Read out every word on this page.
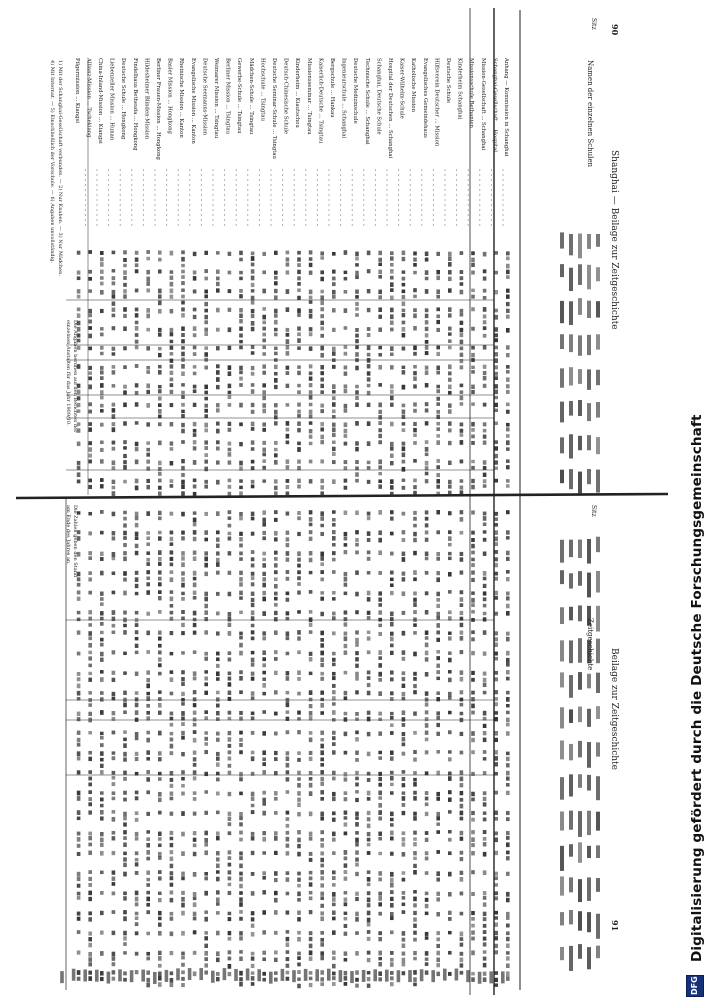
90
Shanghai — Beilage zur Zeitgeschichte
Beilage zur Zeitgeschichte
91
Sitz
Namen der einzelnen Schulen
Sitz
Zeitgeschichte
Anhang — Kommission in Schanghai
Schanghai-Gesellschaft ... Hospital
Mission-Gesellschaft ... Schanghai
Missionsschule Bethanien
Kinderheim Schanghai
Deutsche Schule
Hilfsverein Deutscher ... Mission
Evangelisches Gemeindehaus
Katholische Mission
Kaiser-Wilhelm-Schule
Hospital der Deutschen ... Schanghai
Schanghai, Deutsche Schule
Technische Schule ... Schanghai
Deutsche Medizinschule
Ingenieurschule ... Schanghai
Bergschule ... Hankau
Kaiserlich-Deutsche ... Tsingtau
Missionsseminar ... Tsingtau
Kinderheim ... Kiautschou
Deutsch-Chinesische Schule
Deutsche Seminar-Schule ... Tsingtau
Hochschule ... Tsingtau
Mädchen-Schule ... Tsingtau
Gewerbe-Schule ... Tsingtau
Berliner Mission ... Tsingtau
Weimarer Mission ... Tsingtau
Deutsche Seemanns-Mission
Evangelische Mission ... Kanton
Rheinische Mission ... Kanton
Basler Mission ... Hongkong
Berliner Frauen-Mission ... Hongkong
Hildesheimer Blinden-Mission
Findelhaus Bethesda ... Hongkong
Deutsche Schule ... Hongkong
Liebenzeller Mission ... Hunan
China-Inland-Mission ... Kiangsi
Allianz-Mission ... Tschekiang
Pilgermission ... Kiangsi
1) Mit der Schanghai-Gesellschaft verbunden. — 2) Nur Knaben. — 3) Nur Mädchen.
4) Mit Internat. — 5) Einschließlich der Vorschule. — 6) Angaben unvollständig.
Die Angaben beruhen auf den Berichten der
einzelnen Anstalten für das Jahr 1909/10.
Die Zahlen geben den Stand
am Ende des Jahres an.	Digitalisierung gefördert durch die Deutsche Forschungsgemeinschaft
DFG
